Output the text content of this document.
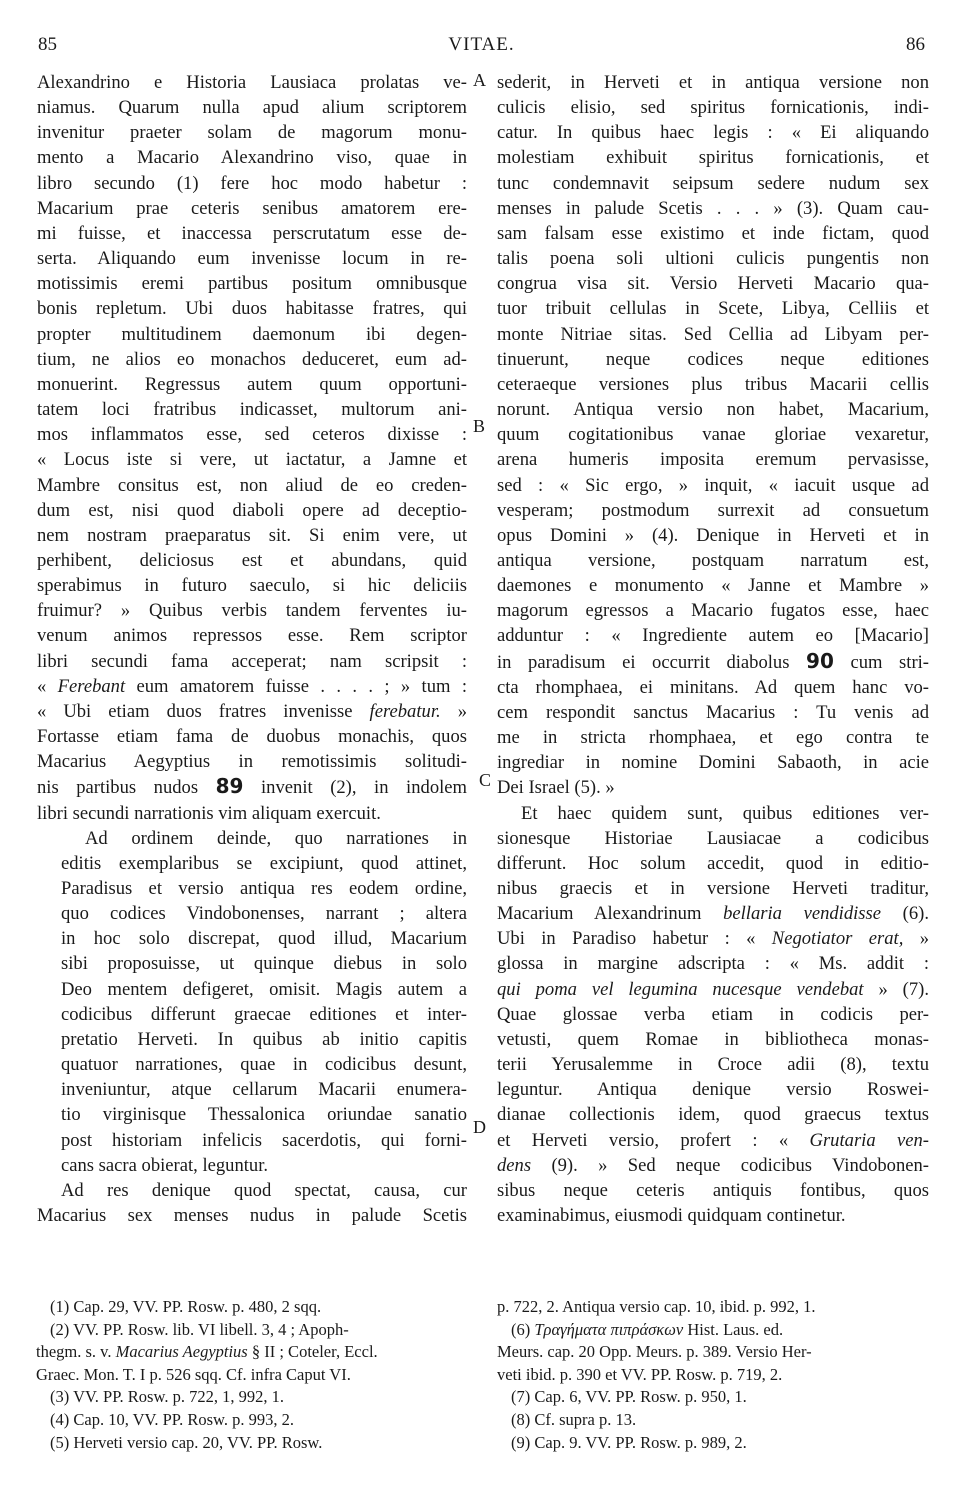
85	VITAE.	86
A
B
C
D

Alexandrino e Historia Lausiaca prolatas ve-
niamus. Quarum nulla apud alium scriptorem
invenitur praeter solam de magorum monu-
mento a Macario Alexandrino viso, quae in
libro secundo (1) fere hoc modo habetur :
Macarium prae ceteris senibus amatorem ere-
mi fuisse, et inaccessa perscrutatum esse de-
serta. Aliquando eum invenisse locum in re-
motissimis eremi partibus positum omnibusque
bonis repletum. Ubi duos habitasse fratres, qui
propter multitudinem daemonum ibi degen-
tium, ne alios eo monachos deduceret, eum ad-
monuerint. Regressus autem quum opportuni-
tatem loci fratribus indicasset, multorum ani-
mos inflammatos esse, sed ceteros dixisse :
« Locus iste si vere, ut iactatur, a Jamne et
Mambre consitus est, non aliud de eo creden-
dum est, nisi quod diaboli opere ad deceptio-
nem nostram praeparatus sit. Si enim vere, ut
perhibent, deliciosus est et abundans, quid
sperabimus in futuro saeculo, si hic deliciis
fruimur? » Quibus verbis tandem ferventes iu-
venum animos repressos esse. Rem scriptor
libri secundi fama acceperat; nam scripsit :
« Ferebant eum amatorem fuisse . . . . ; » tum :
« Ubi etiam duos fratres invenisse ferebatur. »
Fortasse etiam fama de duobus monachis, quos
Macarius Aegyptius in remotissimis solitudi-
nis partibus nudos 89 invenit (2), in indolem
libri secundi narrationis vim aliquam exercuit.

Ad ordinem deinde, quo narrationes in
editis exemplaribus se excipiunt, quod attinet,
Paradisus et versio antiqua res eodem ordine,
quo codices Vindobonenses, narrant ; altera
in hoc solo discrepat, quod illud, Macarium
sibi proposuisse, ut quinque diebus in solo
Deo mentem defigeret, omisit. Magis autem a
codicibus differunt graecae editiones et inter-
pretatio Herveti. In quibus ab initio capitis
quatuor narrationes, quae in codicibus desunt,
inveniuntur, atque cellarum Macarii enumera-
tio virginisque Thessalonica oriundae sanatio
post historiam infelicis sacerdotis, qui forni-
cans sacra obierat, leguntur.

Ad res denique quod spectat, causa, cur
Macarius sex menses nudus in palude Scetis

sederit, in Herveti et in antiqua versione non
culicis elisio, sed spiritus fornicationis, indi-
catur. In quibus haec legis : « Ei aliquando
molestiam exhibuit spiritus fornicationis, et
tunc condemnavit seipsum sedere nudum sex
menses in palude Scetis . . . » (3). Quam cau-
sam falsam esse existimo et inde fictam, quod
talis poena soli ultioni culicis pungentis non
congrua visa sit. Versio Herveti Macario qua-
tuor tribuit cellulas in Scete, Libya, Celliis et
monte Nitriae sitas. Sed Cellia ad Libyam per-
tinuerunt, neque codices neque editiones
ceteraeque versiones plus tribus Macarii cellis
norunt. Antiqua versio non habet, Macarium,
quum cogitationibus vanae gloriae vexaretur,
arena humeris imposita eremum pervasisse,
sed : « Sic ergo, » inquit, « iacuit usque ad
vesperam; postmodum surrexit ad consuetum
opus Domini » (4). Denique in Herveti et in
antiqua versione, postquam narratum est,
daemones e monumento « Janne et Mambre »
magorum egressos a Macario fugatos esse, haec
adduntur : « Ingrediente autem eo [Macario]
in paradisum ei occurrit diabolus 90 cum stri-
cta rhomphaea, ei minitans. Ad quem hanc vo-
cem respondit sanctus Macarius : Tu venis ad
me in stricta rhomphaea, et ego contra te
ingrediar in nomine Domini Sabaoth, in acie
Dei Israel (5). »

Et haec quidem sunt, quibus editiones ver-
sionesque Historiae Lausiacae a codicibus
differunt. Hoc solum accedit, quod in editio-
nibus graecis et in versione Herveti traditur,
Macarium Alexandrinum bellaria vendidisse (6).
Ubi in Paradiso habetur : « Negotiator erat, »
glossa in margine adscripta : « Ms. addit :
qui poma vel legumina nucesque vendebat » (7).
Quae glossae verba etiam in codicis per-
vetusti, quem Romae in bibliotheca monas-
terii Yerusalemme in Croce adii (8), textu
leguntur. Antiqua denique versio Roswei-
dianae collectionis idem, quod graecus textus
et Herveti versio, profert : « Grutaria ven-
dens (9). » Sed neque codicibus Vindobonen-
sibus neque ceteris antiquis fontibus, quos
examinabimus, eiusmodi quidquam continetur.

(1) Cap. 29, VV. PP. Rosw. p. 480, 2 sqq.
(2) VV. PP. Rosw. lib. VI libell. 3, 4 ; Apoph-
thegm. s. v. Macarius Aegyptius § II ; Coteler, Eccl.
Graec. Mon. T. I p. 526 sqq. Cf. infra Caput VI.
(3) VV. PP. Rosw. p. 722, 1, 992, 1.
(4) Cap. 10, VV. PP. Rosw. p. 993, 2.
(5) Herveti versio cap. 20, VV. PP. Rosw.
p. 722, 2. Antiqua versio cap. 10, ibid. p. 992, 1.
(6) Τραγήματα πιπράσκων Hist. Laus. ed.
Meurs. cap. 20 Opp. Meurs. p. 389. Versio Her-
veti ibid. p. 390 et VV. PP. Rosw. p. 719, 2.
(7) Cap. 6, VV. PP. Rosw. p. 950, 1.
(8) Cf. supra p. 13.
(9) Cap. 9. VV. PP. Rosw. p. 989, 2.
